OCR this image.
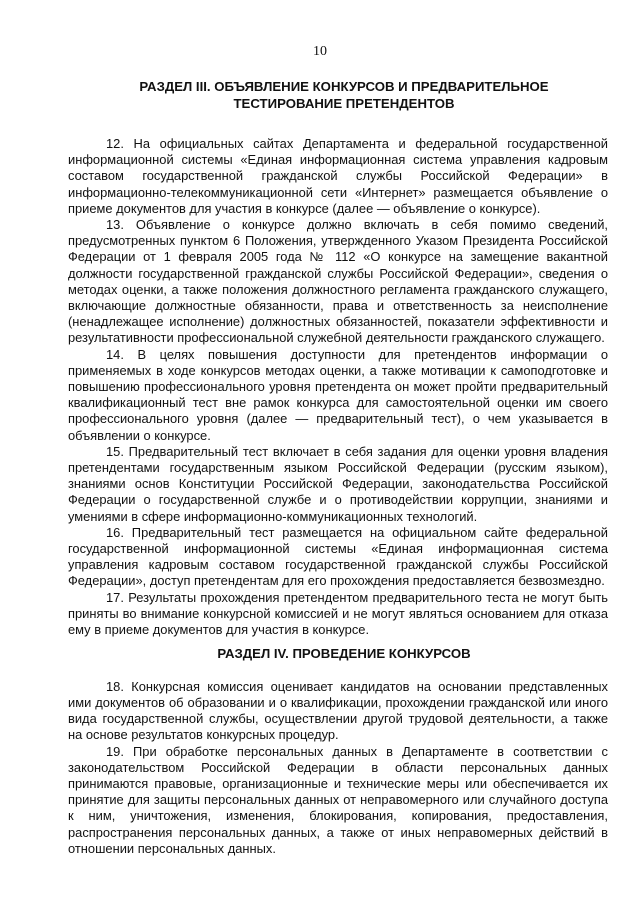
10
РАЗДЕЛ III. ОБЪЯВЛЕНИЕ КОНКУРСОВ И ПРЕДВАРИТЕЛЬНОЕ
ТЕСТИРОВАНИЕ ПРЕТЕНДЕНТОВ

12. На официальных сайтах Департамента и федеральной государственной информационной системы «Единая информационная система управления кадровым составом государственной гражданской службы Российской Федерации» в информационно-телекоммуникационной сети «Интернет» размещается объявление о приеме документов для участия в конкурсе (далее — объявление о конкурсе).

13. Объявление о конкурсе должно включать в себя помимо сведений, предусмотренных пунктом 6 Положения, утвержденного Указом Президента Российской Федерации от 1 февраля 2005 года № 112 «О конкурсе на замещение вакантной должности государственной гражданской службы Российской Федерации», сведения о методах оценки, а также положения должностного регламента гражданского служащего, включающие должностные обязанности, права и ответственность за неисполнение (ненадлежащее исполнение) должностных обязанностей, показатели эффективности и результативности профессиональной служебной деятельности гражданского служащего.

14. В целях повышения доступности для претендентов информации о применяемых в ходе конкурсов методах оценки, а также мотивации к самоподготовке и повышению профессионального уровня претендента он может пройти предварительный квалификационный тест вне рамок конкурса для самостоятельной оценки им своего профессионального уровня (далее — предварительный тест), о чем указывается в объявлении о конкурсе.

15. Предварительный тест включает в себя задания для оценки уровня владения претендентами государственным языком Российской Федерации (русским языком), знаниями основ Конституции Российской Федерации, законодательства Российской Федерации о государственной службе и о противодействии коррупции, знаниями и умениями в сфере информационно-коммуникационных технологий.

16. Предварительный тест размещается на официальном сайте федеральной государственной информационной системы «Единая информационная система управления кадровым составом государственной гражданской службы Российской Федерации», доступ претендентам для его прохождения предоставляется безвозмездно.

17. Результаты прохождения претендентом предварительного теста не могут быть приняты во внимание конкурсной комиссией и не могут являться основанием для отказа ему в приеме документов для участия в конкурсе.

РАЗДЕЛ IV. ПРОВЕДЕНИЕ КОНКУРСОВ

18. Конкурсная комиссия оценивает кандидатов на основании представленных ими документов об образовании и о квалификации, прохождении гражданской или иного вида государственной службы, осуществлении другой трудовой деятельности, а также на основе результатов конкурсных процедур.

19. При обработке персональных данных в Департаменте в соответствии с законодательством Российской Федерации в области персональных данных принимаются правовые, организационные и технические меры или обеспечивается их принятие для защиты персональных данных от неправомерного или случайного доступа к ним, уничтожения, изменения, блокирования, копирования, предоставления, распространения персональных данных, а также от иных неправомерных действий в отношении персональных данных.
